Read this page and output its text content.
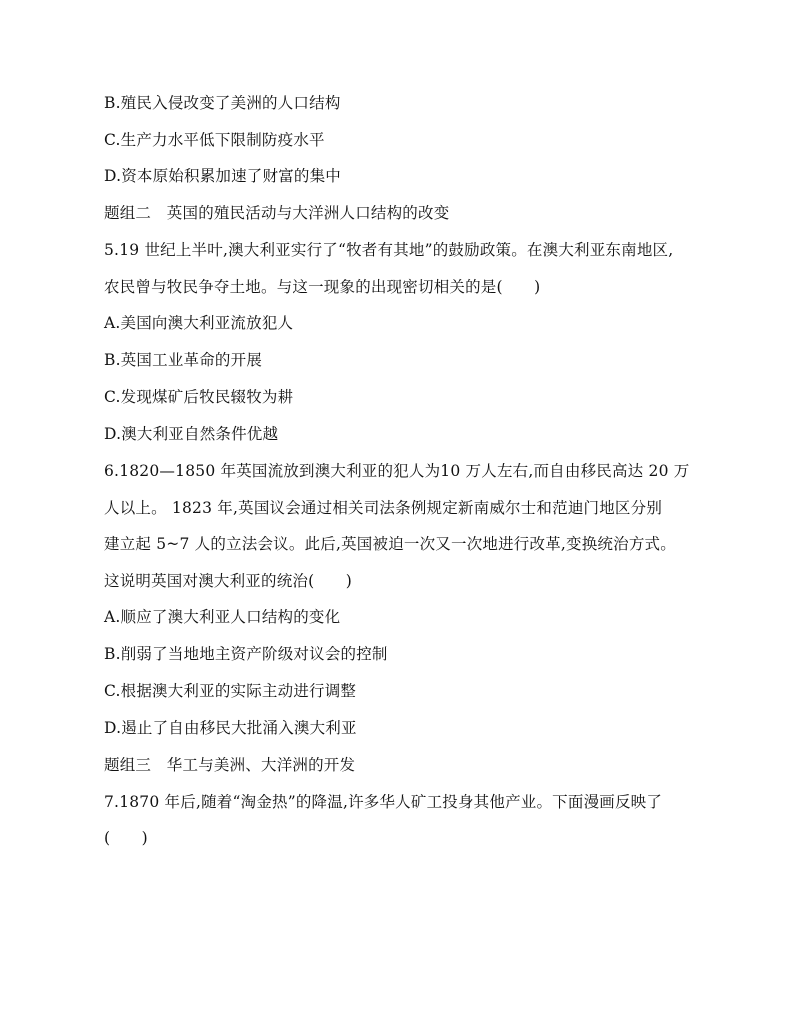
B.殖民入侵改变了美洲的人口结构
C.生产力水平低下限制防疫水平
D.资本原始积累加速了财富的集中
题组二　英国的殖民活动与大洋洲人口结构的改变
5.19 世纪上半叶,澳大利亚实行了“牧者有其地”的鼓励政策。在澳大利亚东南地区,
农民曾与牧民争夺土地。与这一现象的出现密切相关的是(　　)
A.美国向澳大利亚流放犯人
B.英国工业革命的开展
C.发现煤矿后牧民辍牧为耕
D.澳大利亚自然条件优越
6.1820—1850 年英国流放到澳大利亚的犯人为10 万人左右,而自由移民高达 20 万
人以上。 1823 年,英国议会通过相关司法条例规定新南威尔士和范迪门地区分别
建立起 5~7 人的立法会议。此后,英国被迫一次又一次地进行改革,变换统治方式。
这说明英国对澳大利亚的统治(　　)
A.顺应了澳大利亚人口结构的变化
B.削弱了当地地主资产阶级对议会的控制
C.根据澳大利亚的实际主动进行调整
D.遏止了自由移民大批涌入澳大利亚
题组三　华工与美洲、大洋洲的开发
7.1870 年后,随着“淘金热”的降温,许多华人矿工投身其他产业。下面漫画反映了
(　　)
